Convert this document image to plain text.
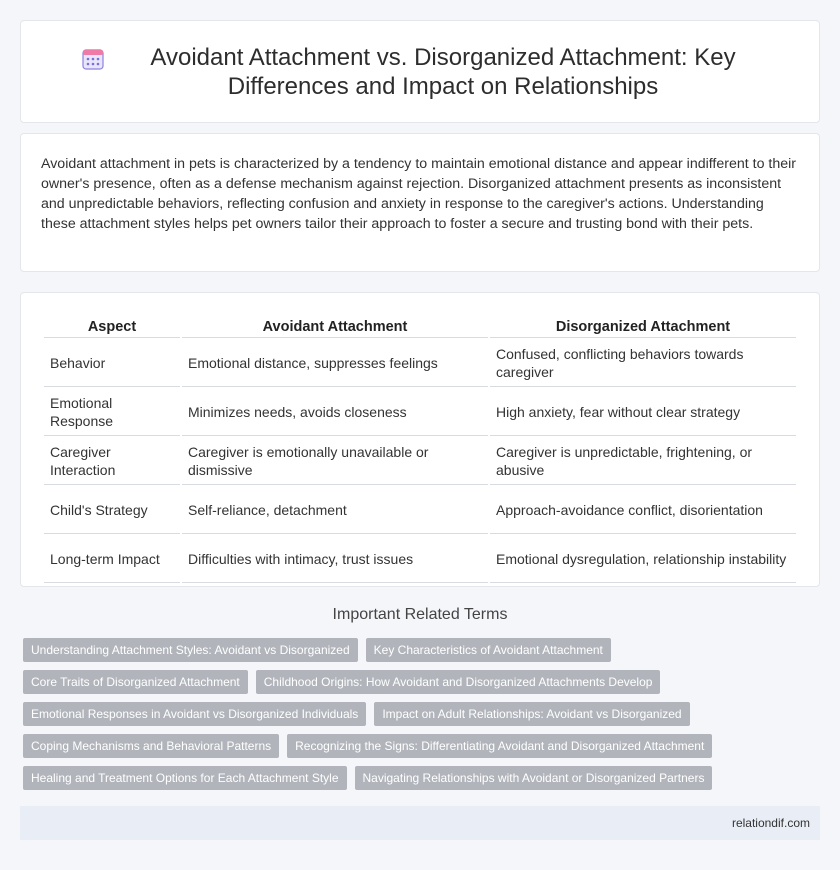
Avoidant Attachment vs. Disorganized Attachment: Key Differences and Impact on Relationships

Avoidant attachment in pets is characterized by a tendency to maintain emotional distance and appear indifferent to their owner's presence, often as a defense mechanism against rejection. Disorganized attachment presents as inconsistent and unpredictable behaviors, reflecting confusion and anxiety in response to the caregiver's actions. Understanding these attachment styles helps pet owners tailor their approach to foster a secure and trusting bond with their pets.

Aspect	Avoidant Attachment	Disorganized Attachment
Behavior	Emotional distance, suppresses feelings	Confused, conflicting behaviors towards caregiver
Emotional Response	Minimizes needs, avoids closeness	High anxiety, fear without clear strategy
Caregiver Interaction	Caregiver is emotionally unavailable or dismissive	Caregiver is unpredictable, frightening, or abusive
Child's Strategy	Self-reliance, detachment	Approach-avoidance conflict, disorientation
Long-term Impact	Difficulties with intimacy, trust issues	Emotional dysregulation, relationship instability
Important Related Terms
Understanding Attachment Styles: Avoidant vs Disorganized	Key Characteristics of Avoidant Attachment
Core Traits of Disorganized Attachment	Childhood Origins: How Avoidant and Disorganized Attachments Develop
Emotional Responses in Avoidant vs Disorganized Individuals	Impact on Adult Relationships: Avoidant vs Disorganized
Coping Mechanisms and Behavioral Patterns	Recognizing the Signs: Differentiating Avoidant and Disorganized Attachment
Healing and Treatment Options for Each Attachment Style	Navigating Relationships with Avoidant or Disorganized Partners
relationdif.com
